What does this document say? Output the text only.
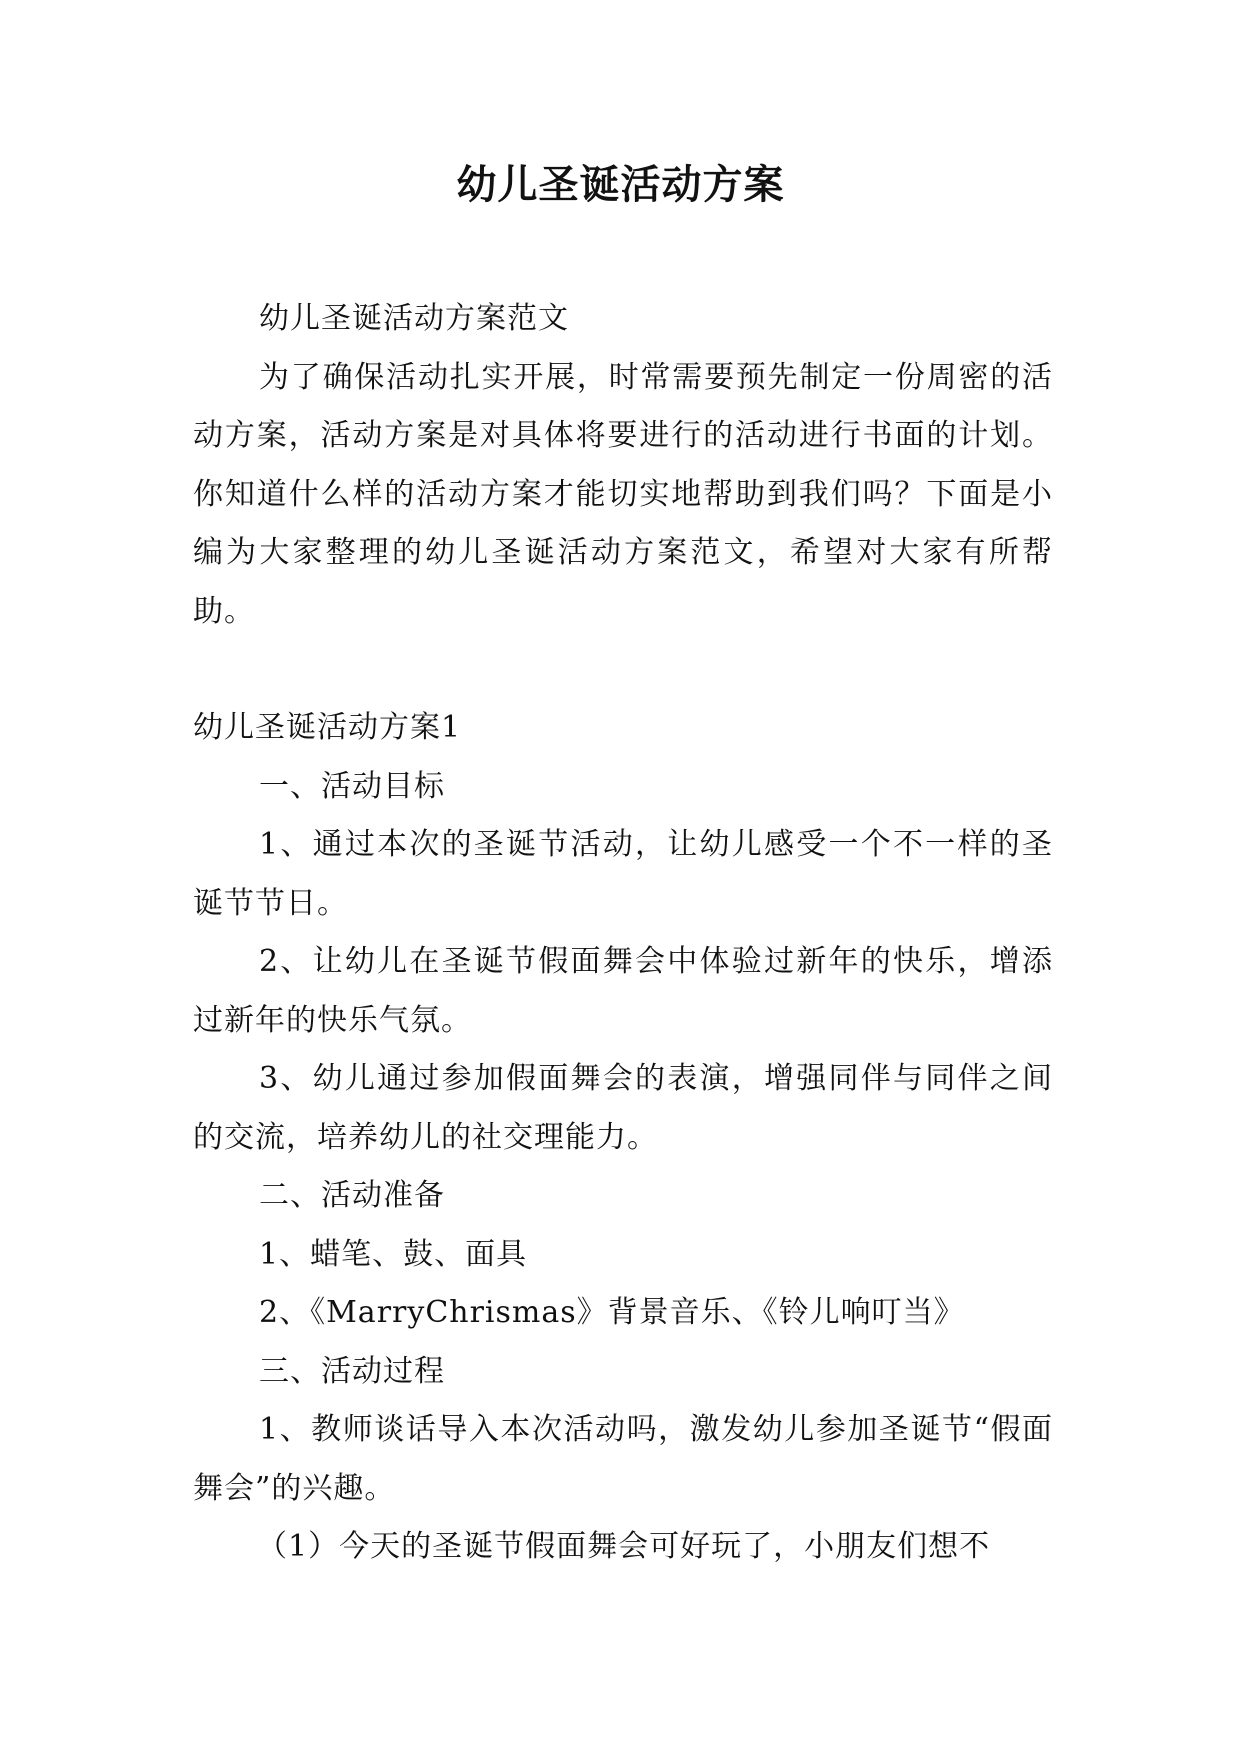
幼儿圣诞活动方案

幼儿圣诞活动方案范文

为了确保活动扎实开展，时常需要预先制定一份周密的活动方案，活动方案是对具体将要进行的活动进行书面的计划。你知道什么样的活动方案才能切实地帮助到我们吗？下面是小编为大家整理的幼儿圣诞活动方案范文，希望对大家有所帮助。

幼儿圣诞活动方案1

一、活动目标

1、通过本次的圣诞节活动，让幼儿感受一个不一样的圣诞节节日。

2、让幼儿在圣诞节假面舞会中体验过新年的快乐，增添过新年的快乐气氛。

3、幼儿通过参加假面舞会的表演，增强同伴与同伴之间的交流，培养幼儿的社交理能力。

二、活动准备

1、蜡笔、鼓、面具

2、《MarryChrismas》背景音乐、《铃儿响叮当》

三、活动过程

1、教师谈话导入本次活动吗，激发幼儿参加圣诞节“假面舞会”的兴趣。

（1）今天的圣诞节假面舞会可好玩了，小朋友们想不
